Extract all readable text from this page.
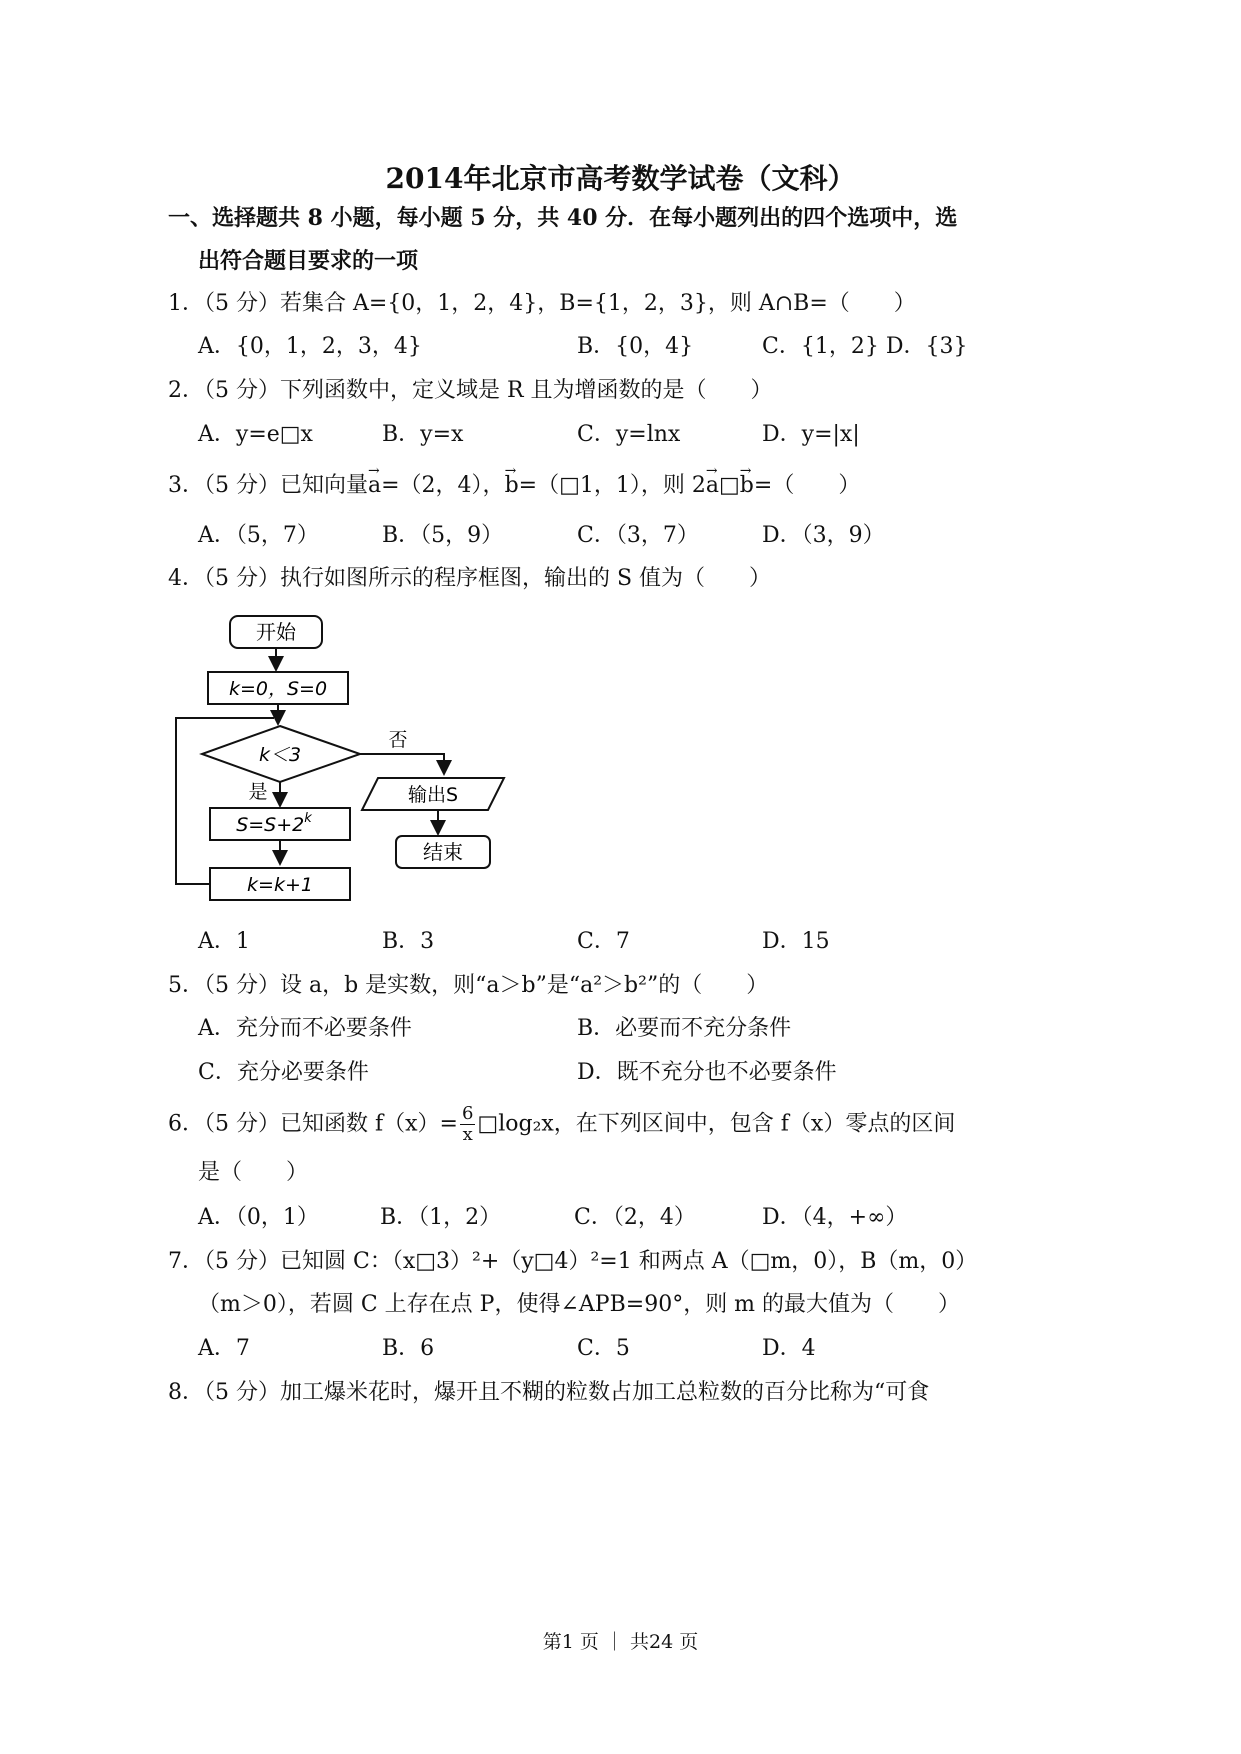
2014年北京市高考数学试卷（文科）
一、选择题共 8 小题，每小题 5 分，共 40 分．在每小题列出的四个选项中，选
出符合题目要求的一项
1．（5 分）若集合 A={0，1，2，4}，B={1，2，3}，则 A∩B=（　　）
A．{0，1，2，3，4}	B．{0，4}	C．{1，2} D．{3}
2．（5 分）下列函数中，定义域是 R 且为增函数的是（　　）
A．y=e□x	B．y=x	C．y=lnx	D．y=|x|
3．（5 分）已知向量→ a=（2，4），→ b=（□1，1），则 2→ a□→ b=（　　）
A．（5，7）	B．（5，9）	C．（3，7）	D．（3，9）
4．（5 分）执行如图所示的程序框图，输出的 S 值为（　　）
开始
k=0，S=0
k＜3
否
输出S
结束
是
$S=S+2^k$
k=k+1
A．1	B．3	C．7	D．15
5．（5 分）设 a，b 是实数，则“a＞b”是“a²＞b²”的（　　）
A．充分而不必要条件	B．必要而不充分条件
C．充分必要条件	D．既不充分也不必要条件
6．（5 分）已知函数 $f(x)= \frac{6}{x}$ □log₂x，在下列区间中，包含 f（x）零点的区间
是（　　）
A．（0，1）	B．（1，2）	C．（2，4）	D．（4，+∞）
7．（5 分）已知圆 C：（x□3）²+（y□4）²=1 和两点 A（□m，0），B（m，0）
（m＞0），若圆 C 上存在点 P，使得∠APB=90°，则 m 的最大值为（　　）
A．7	B．6	C．5	D．4
8．（5 分）加工爆米花时，爆开且不糊的粒数占加工总粒数的百分比称为“可食
第1 页 ｜ 共24 页
